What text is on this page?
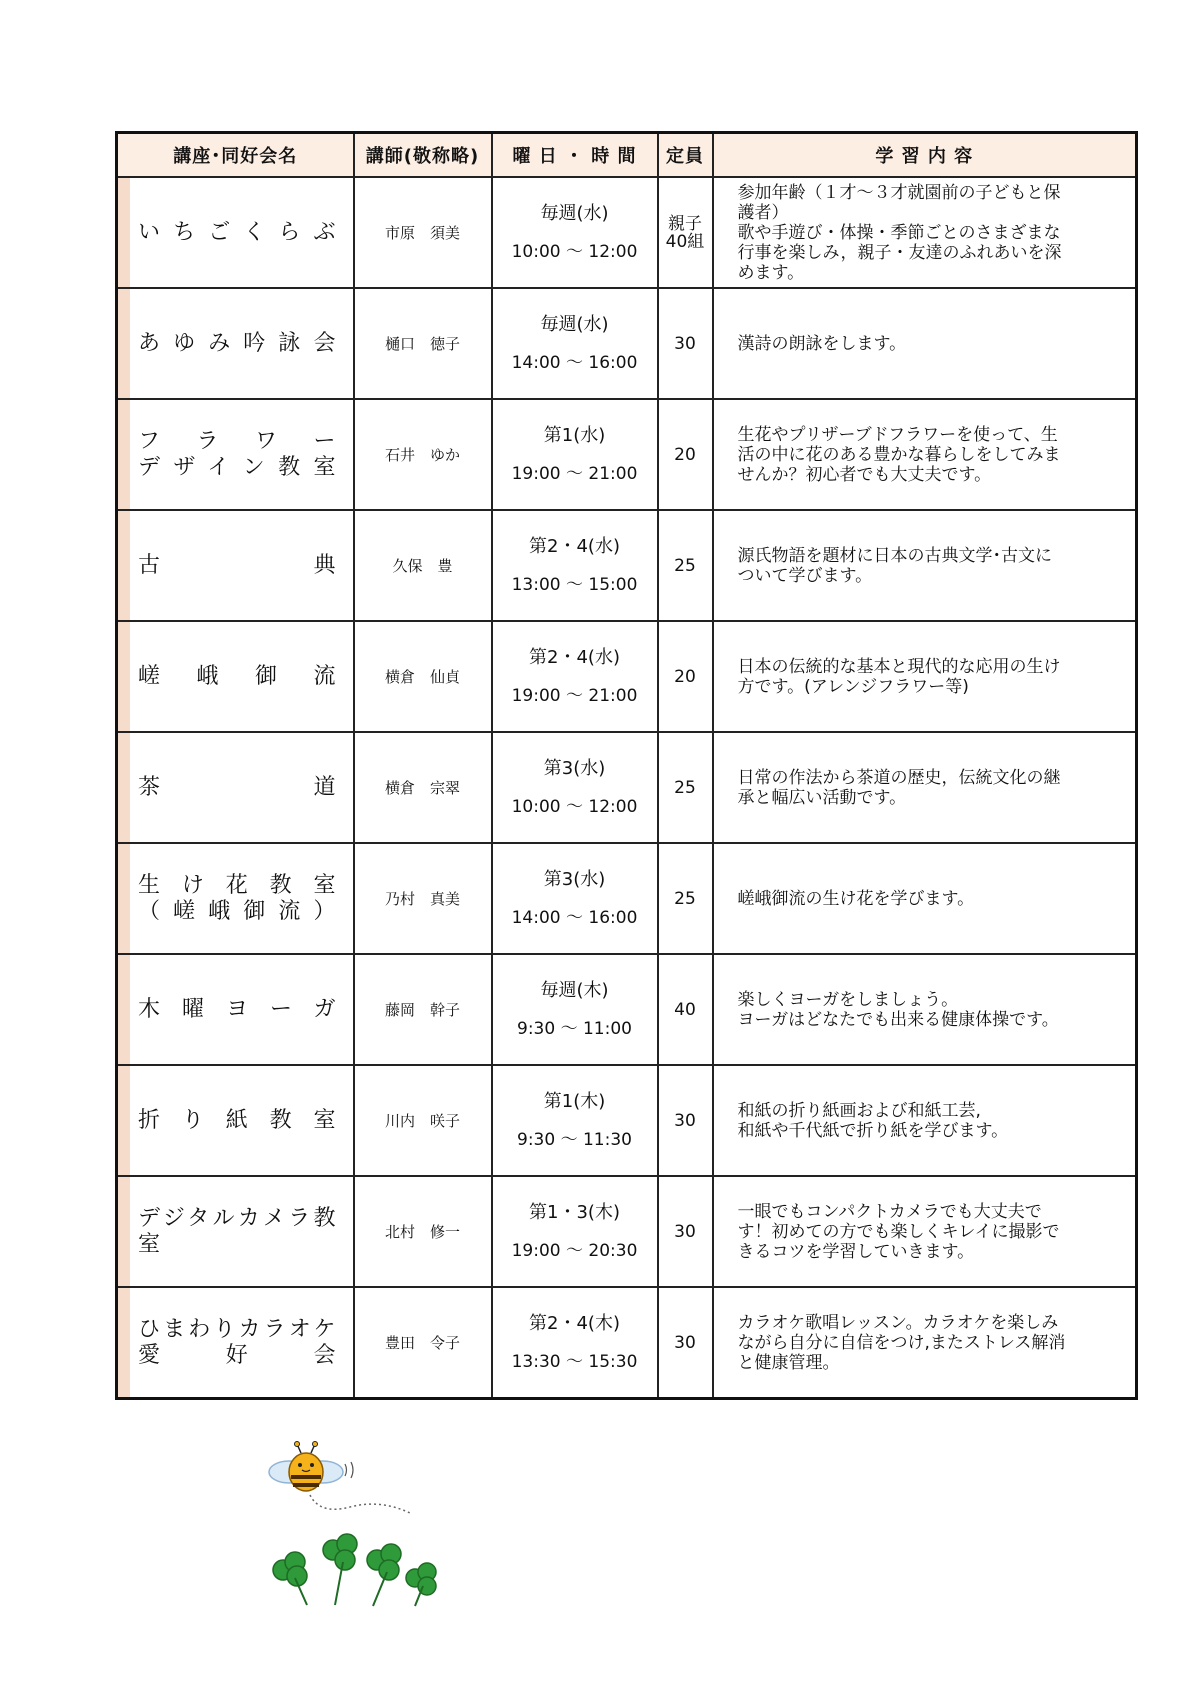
講座･同好会名	講師(敬称略)	曜 日 ・ 時 間	定員	学 習 内 容

いちごくらぶ	市原　須美	毎週(水)
10:00 ～ 12:00	親子
40組	参加年齢（１才～３才就園前の子どもと保
護者）
歌や手遊び・体操・季節ごとのさまざまな
行事を楽しみ，親子・友達のふれあいを深
めます。

あゆみ吟詠会	樋口　徳子	毎週(水)
14:00 ～ 16:00	30	漢詩の朗詠をします。

フラワー
デザイン教室	石井　ゆか	第1(水)
19:00 ～ 21:00	20	生花やプリザーブドフラワーを使って、生
活の中に花のある豊かな暮らしをしてみま
せんか？初心者でも大丈夫です。

古典	久保　豊	第2・4(水)
13:00 ～ 15:00	25	源氏物語を題材に日本の古典文学･古文に
ついて学びます。

嵯峨御流	横倉　仙貞	第2・4(水)
19:00 ～ 21:00	20	日本の伝統的な基本と現代的な応用の生け
方です。(アレンジフラワー等)

茶道	横倉　宗翠	第3(水)
10:00 ～ 12:00	25	日常の作法から茶道の歴史，伝統文化の継
承と幅広い活動です。

生け花教室
（嵯峨御流）	乃村　真美	第3(水)
14:00 ～ 16:00	25	嵯峨御流の生け花を学びます。

木曜ヨーガ	藤岡　幹子	毎週(木)
9:30 ～ 11:00	40	楽しくヨーガをしましょう。
ヨーガはどなたでも出来る健康体操です。

折り紙教室	川内　咲子	第1(木)
9:30 ～ 11:30	30	和紙の折り紙画および和紙工芸,
和紙や千代紙で折り紙を学びます。

デジタルカメラ教室	北村　修一	第1・3(木)
19:00 ～ 20:30	30	一眼でもコンパクトカメラでも大丈夫で
す！初めての方でも楽しくキレイに撮影で
きるコツを学習していきます。

ひまわりカラオケ
愛好会	豊田　令子	第2・4(木)
13:30 ～ 15:30	30	カラオケ歌唱レッスン。カラオケを楽しみ
ながら自分に自信をつけ,またストレス解消
と健康管理。
